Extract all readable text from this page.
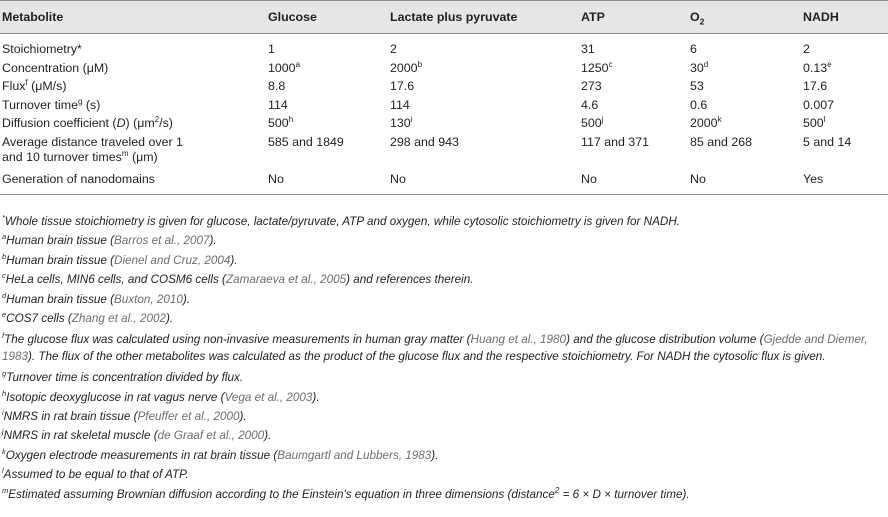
Metabolite	Glucose	Lactate plus pyruvate	ATP	$O_2$	NADH
Stoichiometry*	1	2	31	6	2
Concentration (μM)	1000$^a$	2000$^b$	1250$^c$	30$^d$	0.13e
Flux$^f$ (μM/s)	8.8	17.6	273	53	17.6
Turnover time$^g$ (s)	114	114	4.6	0.6	0.007
Diffusion coefficient (D) $(\mu m^2/s)$	500$^h$	130$^i$	500$^j$	2000$^k$	500$^l$
Average distance traveled over 1
and 10 turnover times$^m$ (μm)	585 and 1849	298 and 943	117 and 371	85 and 268	5 and 14
Generation of nanodomains	No	No	No	No	Yes
*Whole tissue stoichiometry is given for glucose, lactate/pyruvate, ATP and oxygen, while cytosolic stoichiometry is given for NADH.
$^a$Human brain tissue (Barros et al., 2007).
$^b$Human brain tissue (Dienel and Cruz, 2004).
$^c$HeLa cells, MIN6 cells, and COSM6 cells (Zamaraeva et al., 2005) and references therein.
$^d$Human brain tissue (Buxton, 2010).
$^e$COS7 cells (Zhang et al., 2002).
$^f$The glucose flux was calculated using non-invasive measurements in human gray matter (Huang et al., 1980) and the glucose distribution volume (Gjedde and Diemer, 1983). The flux of the other metabolites was calculated as the product of the glucose flux and the respective stoichiometry. For NADH the cytosolic flux is given.
$^g$Turnover time is concentration divided by flux.
$^h$Isotopic deoxyglucose in rat vagus nerve (Vega et al., 2003).
$^i$NMRS in rat brain tissue (Pfeuffer et al., 2000).
$^j$NMRS in rat skeletal muscle (de Graaf et al., 2000).
$^k$Oxygen electrode measurements in rat brain tissue (Baumgartl and Lubbers, 1983).
$^l$Assumed to be equal to that of ATP.
$^m$Estimated assuming Brownian diffusion according to the Einstein's equation in three dimensions (distance$^2$ = 6 × D × turnover time).
